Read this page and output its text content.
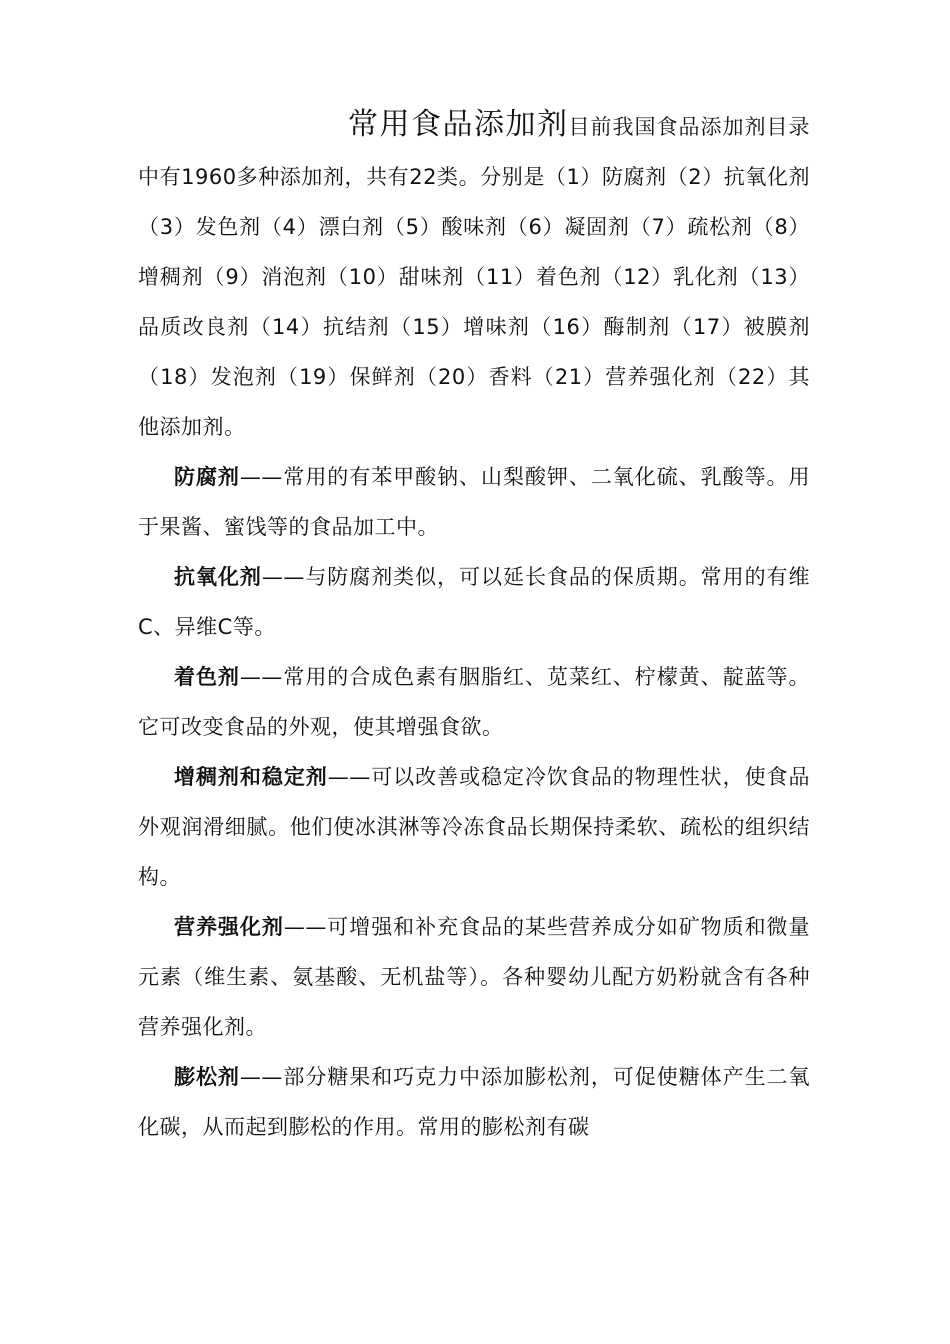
常用食品添加剂目前我国食品添加剂目录中有1960多种添加剂，共有22类。分别是（1）防腐剂（2）抗氧化剂（3）发色剂（4）漂白剂（5）酸味剂（6）凝固剂（7）疏松剂（8）增稠剂（9）消泡剂（10）甜味剂（11）着色剂（12）乳化剂（13）品质改良剂（14）抗结剂（15）增味剂（16）酶制剂（17）被膜剂（18）发泡剂（19）保鲜剂（20）香料（21）营养强化剂（22）其他添加剂。

防腐剂——常用的有苯甲酸钠、山梨酸钾、二氧化硫、乳酸等。用于果酱、蜜饯等的食品加工中。

抗氧化剂——与防腐剂类似，可以延长食品的保质期。常用的有维C、异维C等。

着色剂——常用的合成色素有胭脂红、苋菜红、柠檬黄、靛蓝等。它可改变食品的外观，使其增强食欲。

增稠剂和稳定剂——可以改善或稳定冷饮食品的物理性状，使食品外观润滑细腻。他们使冰淇淋等冷冻食品长期保持柔软、疏松的组织结构。

营养强化剂——可增强和补充食品的某些营养成分如矿物质和微量元素（维生素、氨基酸、无机盐等）。各种婴幼儿配方奶粉就含有各种营养强化剂。

膨松剂——部分糖果和巧克力中添加膨松剂，可促使糖体产生二氧化碳，从而起到膨松的作用。常用的膨松剂有碳
